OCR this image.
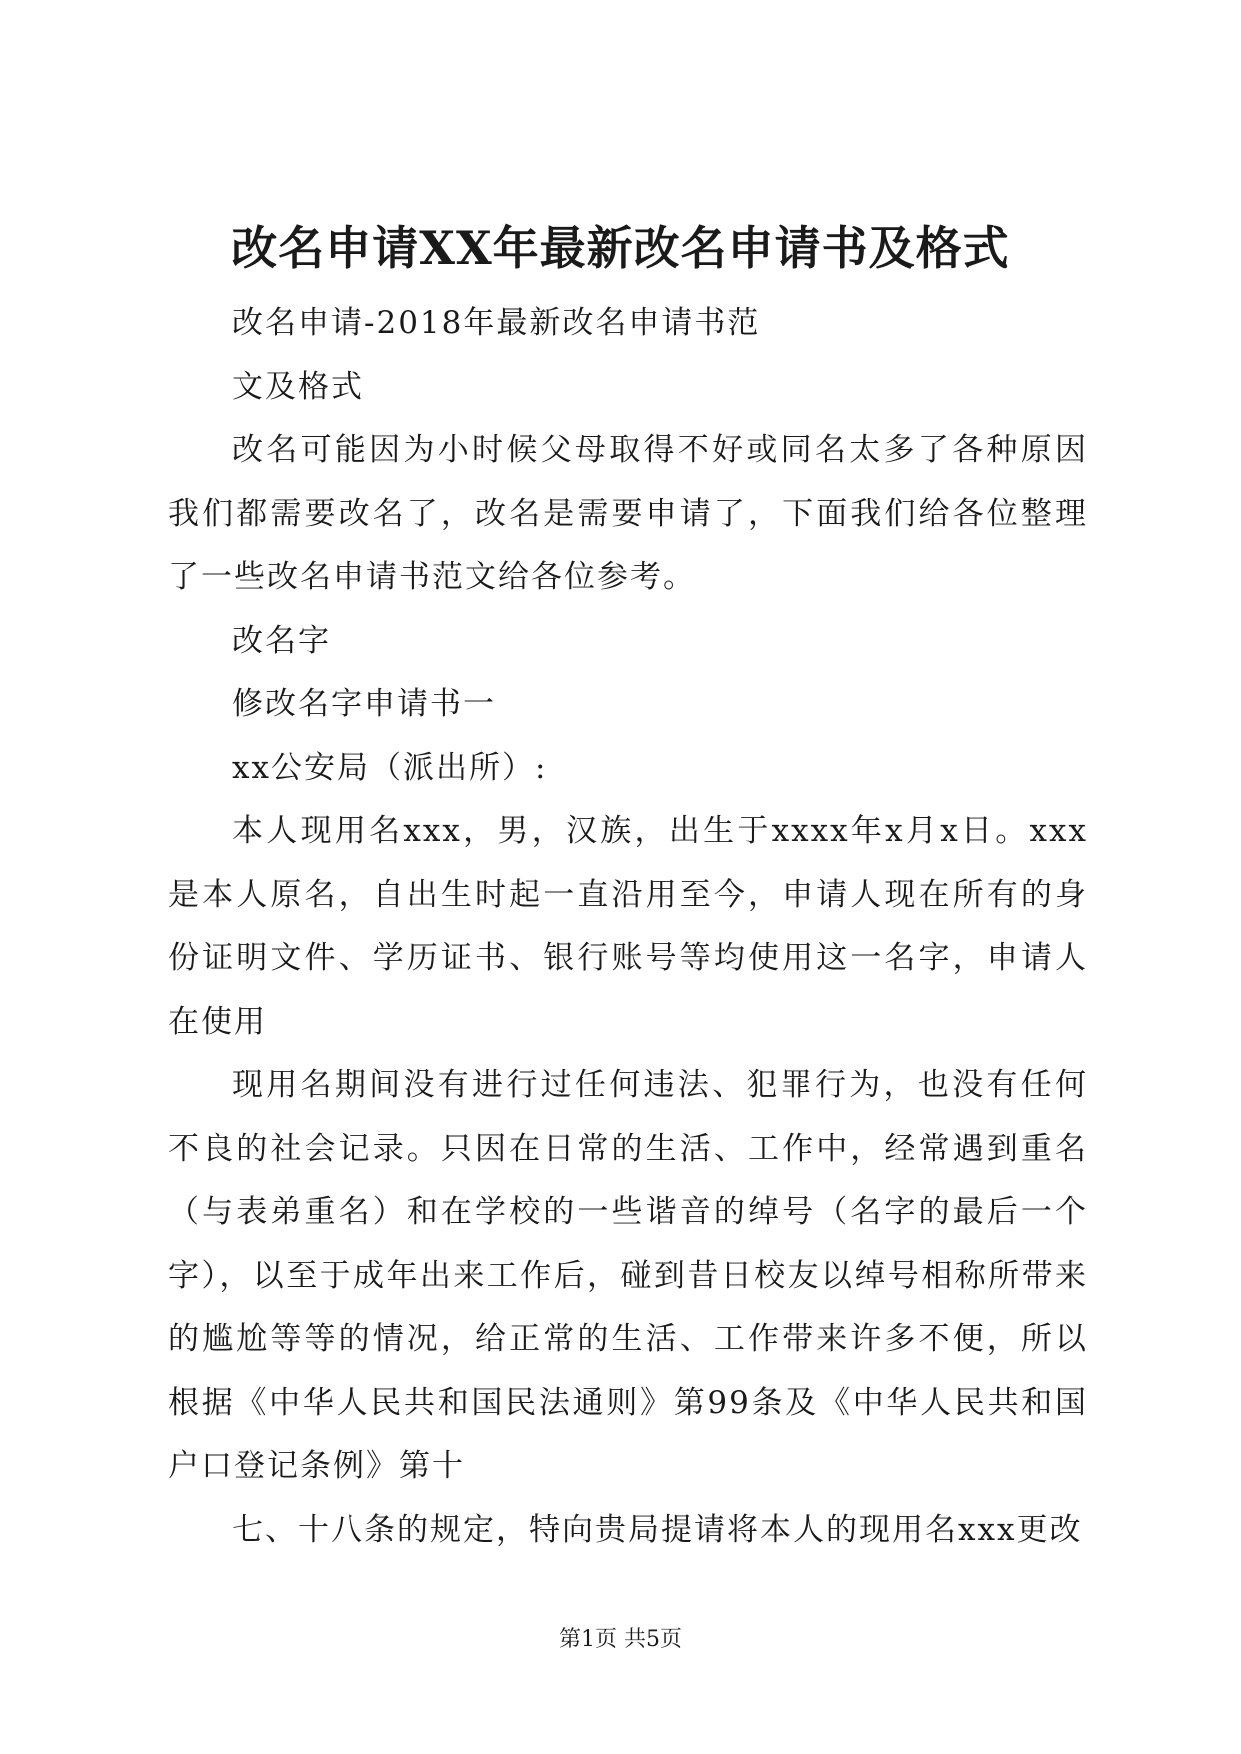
改名申请XX年最新改名申请书及格式

改名申请-2018年最新改名申请书范

文及格式

改名可能因为小时候父母取得不好或同名太多了各种原因我们都需要改名了，改名是需要申请了，下面我们给各位整理了一些改名申请书范文给各位参考。

改名字

修改名字申请书一

xx公安局（派出所）:

本人现用名xxx，男，汉族，出生于xxxx年x月x日。xxx是本人原名，自出生时起一直沿用至今，申请人现在所有的身份证明文件、学历证书、银行账号等均使用这一名字，申请人在使用

现用名期间没有进行过任何违法、犯罪行为，也没有任何不良的社会记录。只因在日常的生活、工作中，经常遇到重名（与表弟重名）和在学校的一些谐音的绰号（名字的最后一个字），以至于成年出来工作后，碰到昔日校友以绰号相称所带来的尴尬等等的情况，给正常的生活、工作带来许多不便，所以根据《中华人民共和国民法通则》第99条及《中华人民共和国户口登记条例》第十

七、十八条的规定，特向贵局提请将本人的现用名xxx更改

第1页 共5页
